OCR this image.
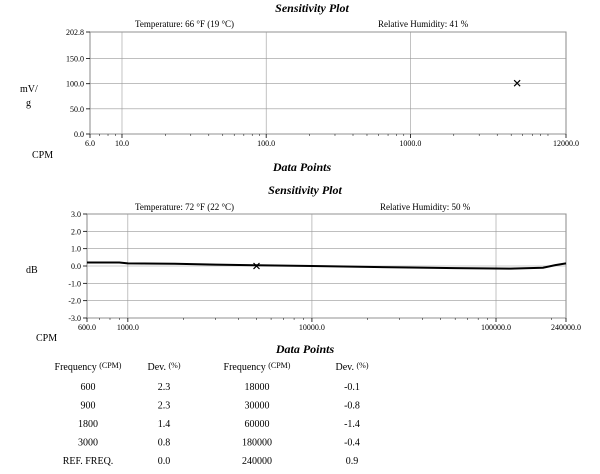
Sensitivity Plot
Temperature: 66 °F (19 °C)	Relative Humidity: 41 %
202.8
150.0
100.0
50.0
0.0
6.0 10.0	100.0	1000.0	12000.0
mV/ g
CPM
Data Points
Sensitivity Plot
Temperature: 72 °F (22 °C)	Relative Humidity: 50 %
3.0
2.0
1.0
0.0
-1.0
-2.0
-3.0
600.0	1000.0	10000.0	100000.0	240000.0
dB
CPM
Data Points
Frequency $^{(CPM)}$	Dev. (%)	Frequency $^{(CPM)}$	Dev. (%)
600	2.3	18000	-0.1
900	2.3	30000	-0.8
1800	1.4	60000	-1.4
3000	0.8	180000	-0.4
REF. FREQ.	0.0	240000	0.9
